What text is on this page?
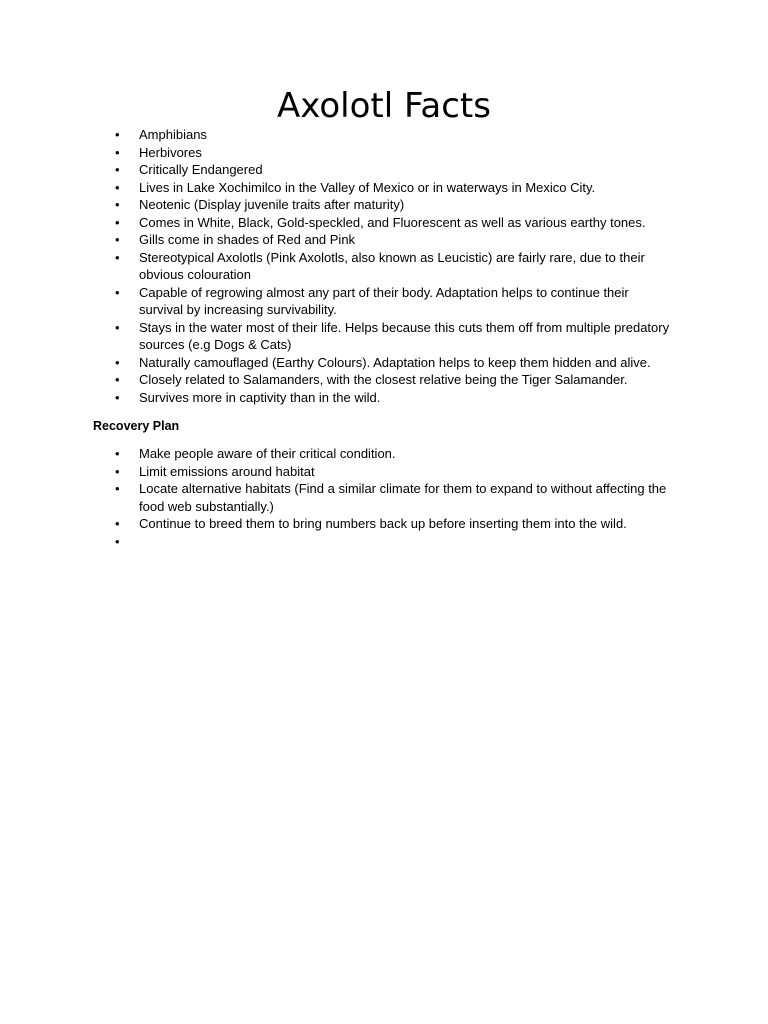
Axolotl Facts
•	Amphibians
•	Herbivores
•	Critically Endangered
•	Lives in Lake Xochimilco in the Valley of Mexico or in waterways in Mexico City.
•	Neotenic (Display juvenile traits after maturity)
•	Comes in White, Black, Gold-speckled, and Fluorescent as well as various earthy tones.
•	Gills come in shades of Red and Pink
•	Stereotypical Axolotls (Pink Axolotls, also known as Leucistic) are fairly rare, due to their obvious colouration
•	Capable of regrowing almost any part of their body. Adaptation helps to continue their survival by increasing survivability.
•	Stays in the water most of their life. Helps because this cuts them off from multiple predatory sources (e.g Dogs & Cats)
•	Naturally camouflaged (Earthy Colours). Adaptation helps to keep them hidden and alive.
•	Closely related to Salamanders, with the closest relative being the Tiger Salamander.
•	Survives more in captivity than in the wild.

Recovery Plan

•	Make people aware of their critical condition.
•	Limit emissions around habitat
•	Locate alternative habitats (Find a similar climate for them to expand to without affecting the food web substantially.)
•	Continue to breed them to bring numbers back up before inserting them into the wild.
•
